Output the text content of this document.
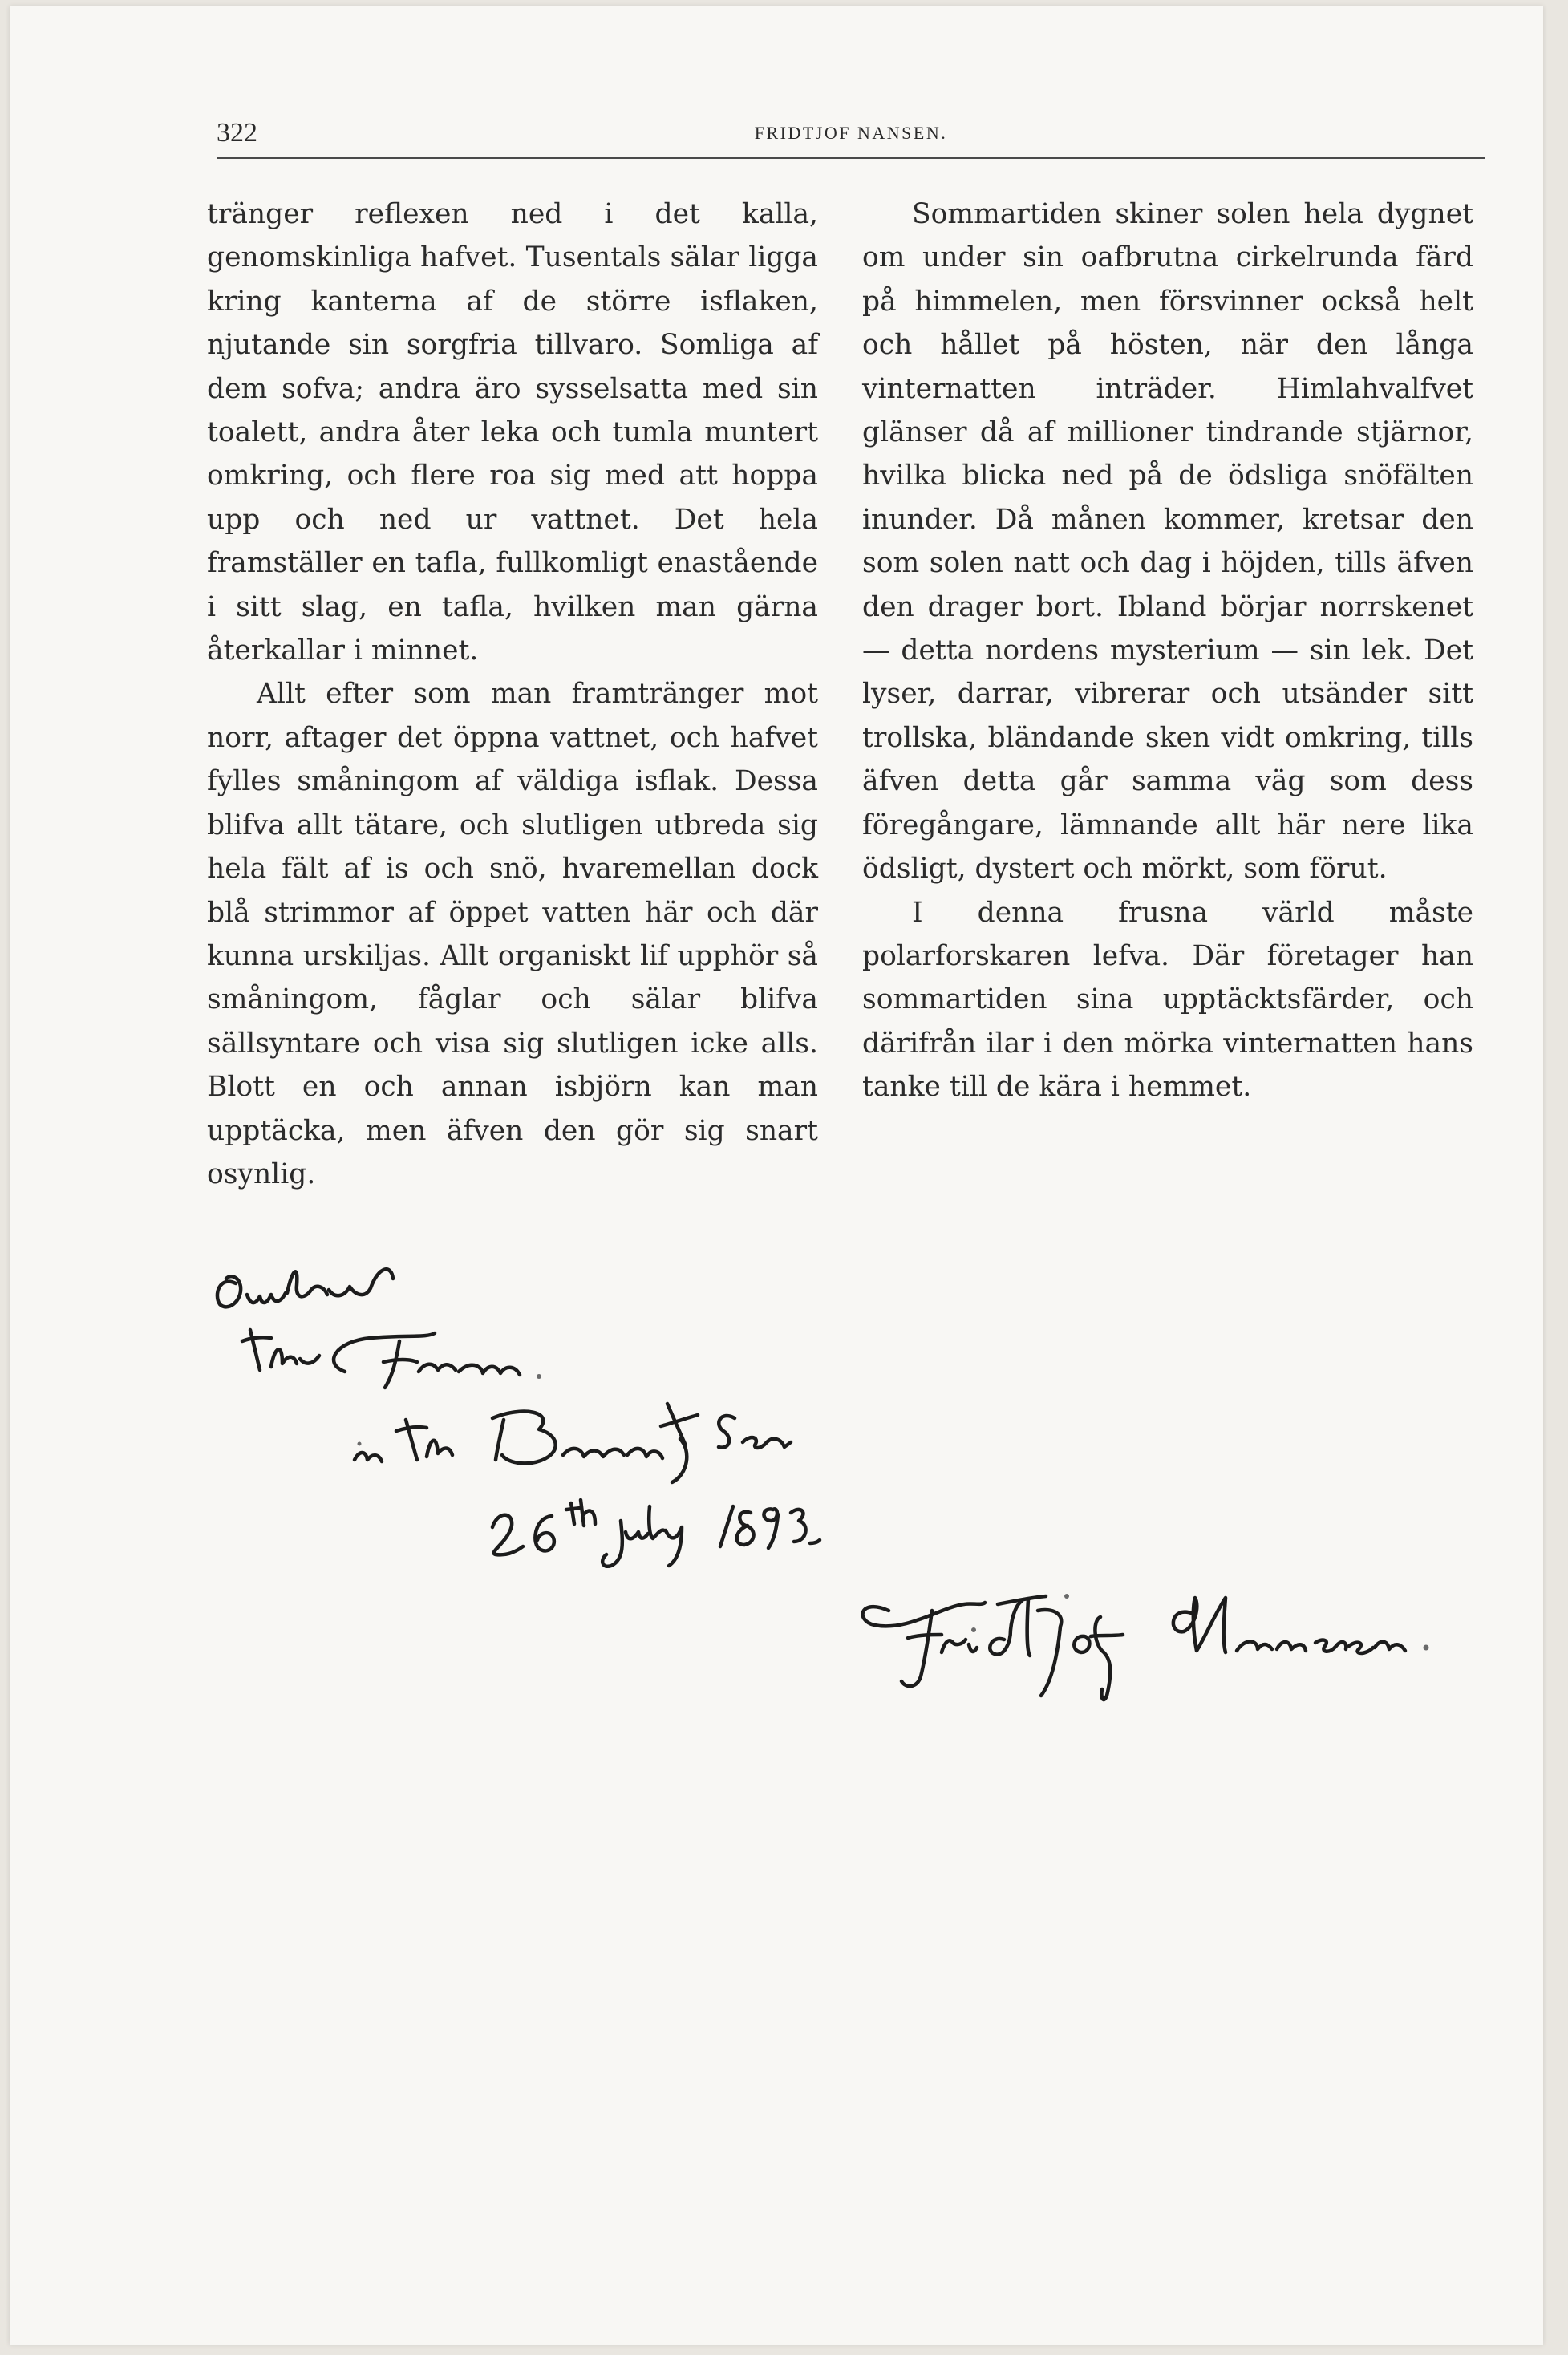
322	FRIDTJOF NANSEN.

tränger reflexen ned i det kalla, genomskinliga hafvet. Tusentals sälar ligga kring kanterna af de större isflaken, njutande sin sorgfria tillvaro. Somliga af dem sofva; andra äro sysselsatta med sin toalett, andra åter leka och tumla muntert omkring, och flere roa sig med att hoppa upp och ned ur vattnet. Det hela framställer en tafla, fullkomligt enastående i sitt slag, en tafla, hvilken man gärna återkallar i minnet.

Allt efter som man framtränger mot norr, aftager det öppna vattnet, och hafvet fylles småningom af väldiga isflak. Dessa blifva allt tätare, och slutligen utbreda sig hela fält af is och snö, hvaremellan dock blå strimmor af öppet vatten här och där kunna urskiljas. Allt organiskt lif upphör så småningom, fåglar och sälar blifva sällsyntare och visa sig slutligen icke alls. Blott en och annan isbjörn kan man upptäcka, men äfven den gör sig snart osynlig.

Sommartiden skiner solen hela dygnet om under sin oafbrutna cirkelrunda färd på himmelen, men försvinner också helt och hållet på hösten, när den långa vinternatten inträder. Himlahvalfvet glänser då af millioner tindrande stjärnor, hvilka blicka ned på de ödsliga snöfälten inunder. Då månen kommer, kretsar den som solen natt och dag i höjden, tills äfven den drager bort. Ibland börjar norrskenet — detta nordens mysterium — sin lek. Det lyser, darrar, vibrerar och utsänder sitt trollska, bländande sken vidt omkring, tills äfven detta går samma väg som dess föregångare, lämnande allt här nere lika ödsligt, dystert och mörkt, som förut.

I denna frusna värld måste polarforskaren lefva. Där företager han sommartiden sina upptäcktsfärder, och därifrån ilar i den mörka vinternatten hans tanke till de kära i hemmet.
